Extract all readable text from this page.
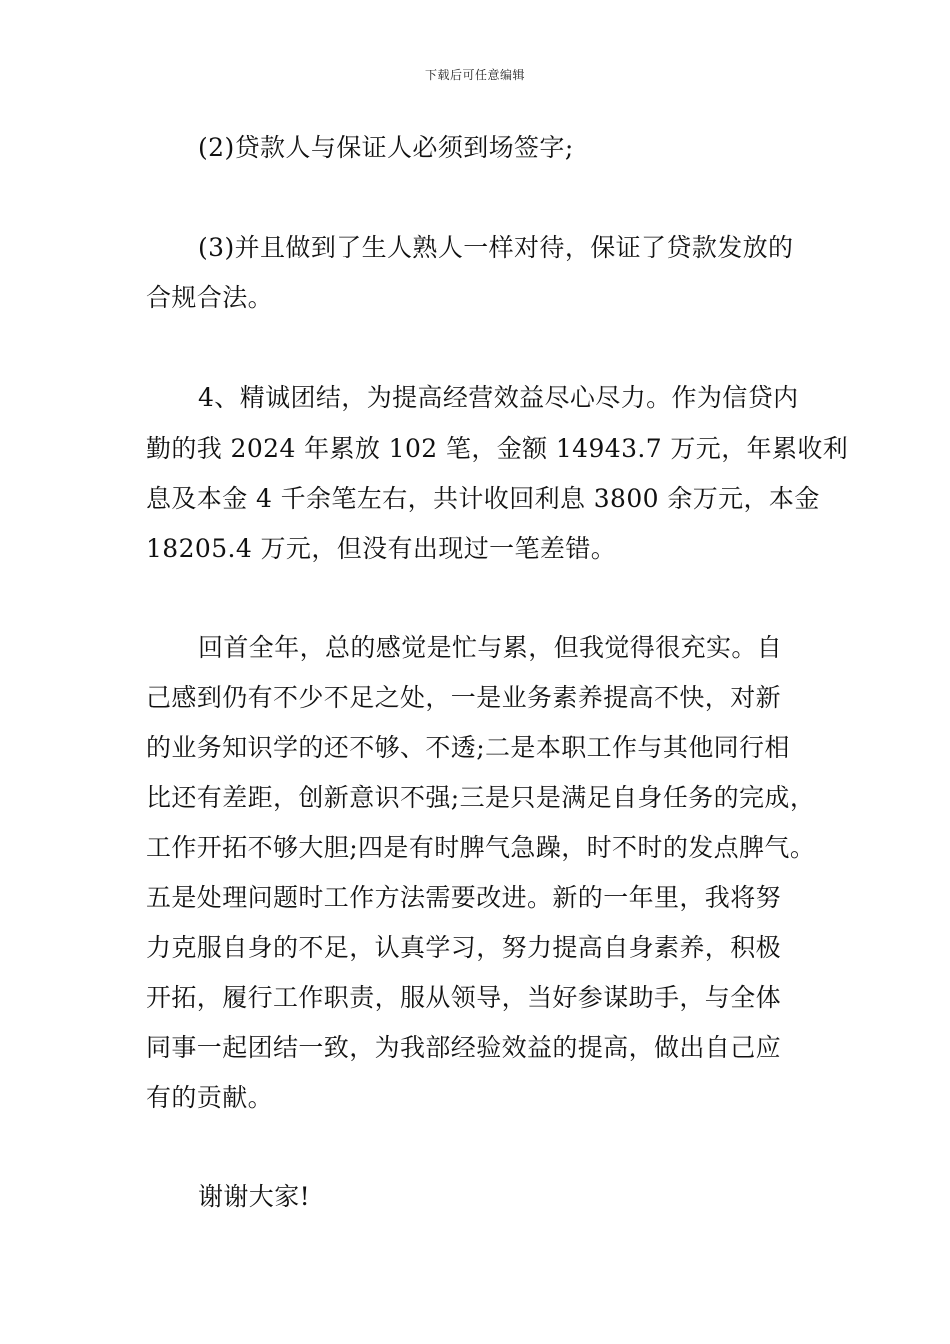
下载后可任意编辑
(2)贷款人与保证人必须到场签字;
(3)并且做到了生人熟人一样对待，保证了贷款发放的
合规合法。
4、精诚团结，为提高经营效益尽心尽力。作为信贷内
勤的我 2024 年累放 102 笔，金额 14943.7 万元，年累收利
息及本金 4 千余笔左右，共计收回利息 3800 余万元，本金
18205.4 万元，但没有出现过一笔差错。
回首全年，总的感觉是忙与累，但我觉得很充实。自
己感到仍有不少不足之处，一是业务素养提高不快，对新
的业务知识学的还不够、不透;二是本职工作与其他同行相
比还有差距，创新意识不强;三是只是满足自身任务的完成，
工作开拓不够大胆;四是有时脾气急躁，时不时的发点脾气。
五是处理问题时工作方法需要改进。新的一年里，我将努
力克服自身的不足，认真学习，努力提高自身素养，积极
开拓，履行工作职责，服从领导，当好参谋助手，与全体
同事一起团结一致，为我部经验效益的提高，做出自己应
有的贡献。
谢谢大家!
